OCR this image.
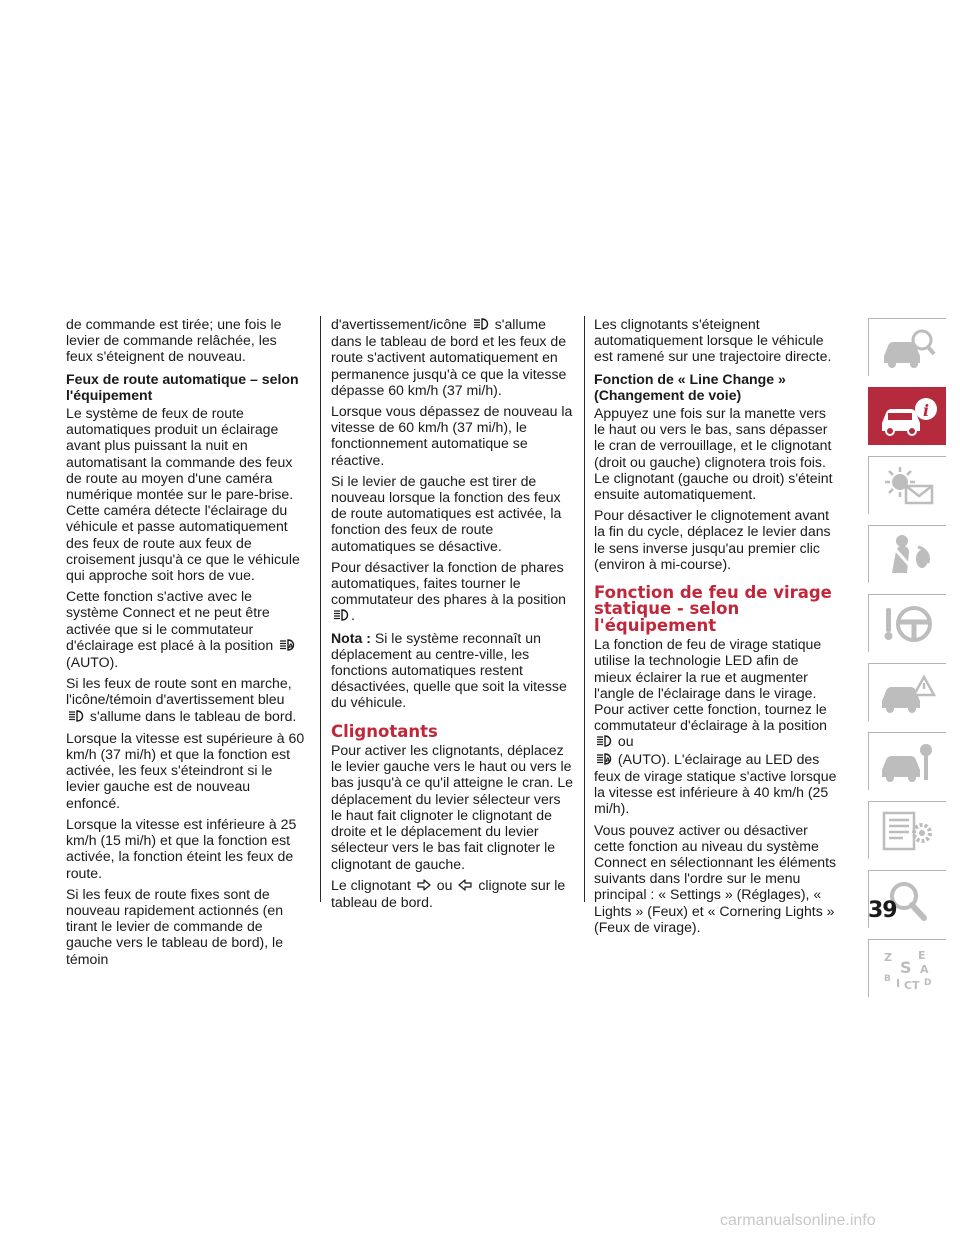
de commande est tirée; une fois le levier de commande relâchée, les feux s'éteignent de nouveau.

Feux de route automatique – selon l'équipement

Le système de feux de route automatiques produit un éclairage avant plus puissant la nuit en automatisant la commande des feux de route au moyen d'une caméra numérique montée sur le pare-brise. Cette caméra détecte l'éclairage du véhicule et passe automatiquement des feux de route aux feux de croisement jusqu'à ce que le véhicule qui approche soit hors de vue.

Cette fonction s'active avec le système Connect et ne peut être activée que si le commutateur d'éclairage est placé à la position A
(AUTO).

Si les feux de route sont en marche, l'icône/témoin d'avertissement bleu  s'allume dans le tableau de bord.

Lorsque la vitesse est supérieure à 60 km/h (37 mi/h) et que la fonction est activée, les feux s'éteindront si le levier gauche est de nouveau enfoncé.

Lorsque la vitesse est inférieure à 25 km/h (15 mi/h) et que la fonction est activée, la fonction éteint les feux de route.

Si les feux de route fixes sont de nouveau rapidement actionnés (en tirant le levier de commande de gauche vers le tableau de bord), le témoin

d'avertissement/icône s'allume dans le tableau de bord et les feux de route s'activent automatiquement en permanence jusqu'à ce que la vitesse dépasse 60 km/h (37 mi/h).

Lorsque vous dépassez de nouveau la vitesse de 60 km/h (37 mi/h), le fonctionnement automatique se réactive.

Si le levier de gauche est tirer de nouveau lorsque la fonction des feux de route automatiques est activée, la fonction des feux de route automatiques se désactive.

Pour désactiver la fonction de phares automatiques, faites tourner le commutateur des phares à la position .

Nota : Si le système reconnaît un déplacement au centre-ville, les fonctions automatiques restent désactivées, quelle que soit la vitesse du véhicule.

Clignotants

Pour activer les clignotants, déplacez le levier gauche vers le haut ou vers le bas jusqu'à ce qu'il atteigne le cran. Le déplacement du levier sélecteur vers le haut fait clignoter le clignotant de droite et le déplacement du levier sélecteur vers le bas fait clignoter le clignotant de gauche.

Le clignotant ou clignote sur le tableau de bord.

Les clignotants s'éteignent automatiquement lorsque le véhicule est ramené sur une trajectoire directe.

Fonction de « Line Change » (Changement de voie)

Appuyez une fois sur la manette vers le haut ou vers le bas, sans dépasser le cran de verrouillage, et le clignotant (droit ou gauche) clignotera trois fois. Le clignotant (gauche ou droit) s'éteint ensuite automatiquement.

Pour désactiver le clignotement avant la fin du cycle, déplacez le levier dans le sens inverse jusqu'au premier clic (environ à mi-course).

Fonction de feu de virage statique - selon l'équipement

La fonction de feu de virage statique utilise la technologie LED afin de mieux éclairer la rue et augmenter l'angle de l'éclairage dans le virage. Pour activer cette fonction, tournez le commutateur d'éclairage à la position  ou

A (AUTO). L'éclairage au LED des feux de virage statique s'active lorsque la vitesse est inférieure à 40 km/h (25 mi/h).

Vous pouvez activer ou désactiver cette fonction au niveau du système Connect en sélectionnant les éléments suivants dans l'ordre sur le menu principal : « Settings » (Réglages), « Lights » (Feux) et « Cornering Lights » (Feux de virage).

i
Z E
S A
B I C T D
39
carmanualsonline.info
